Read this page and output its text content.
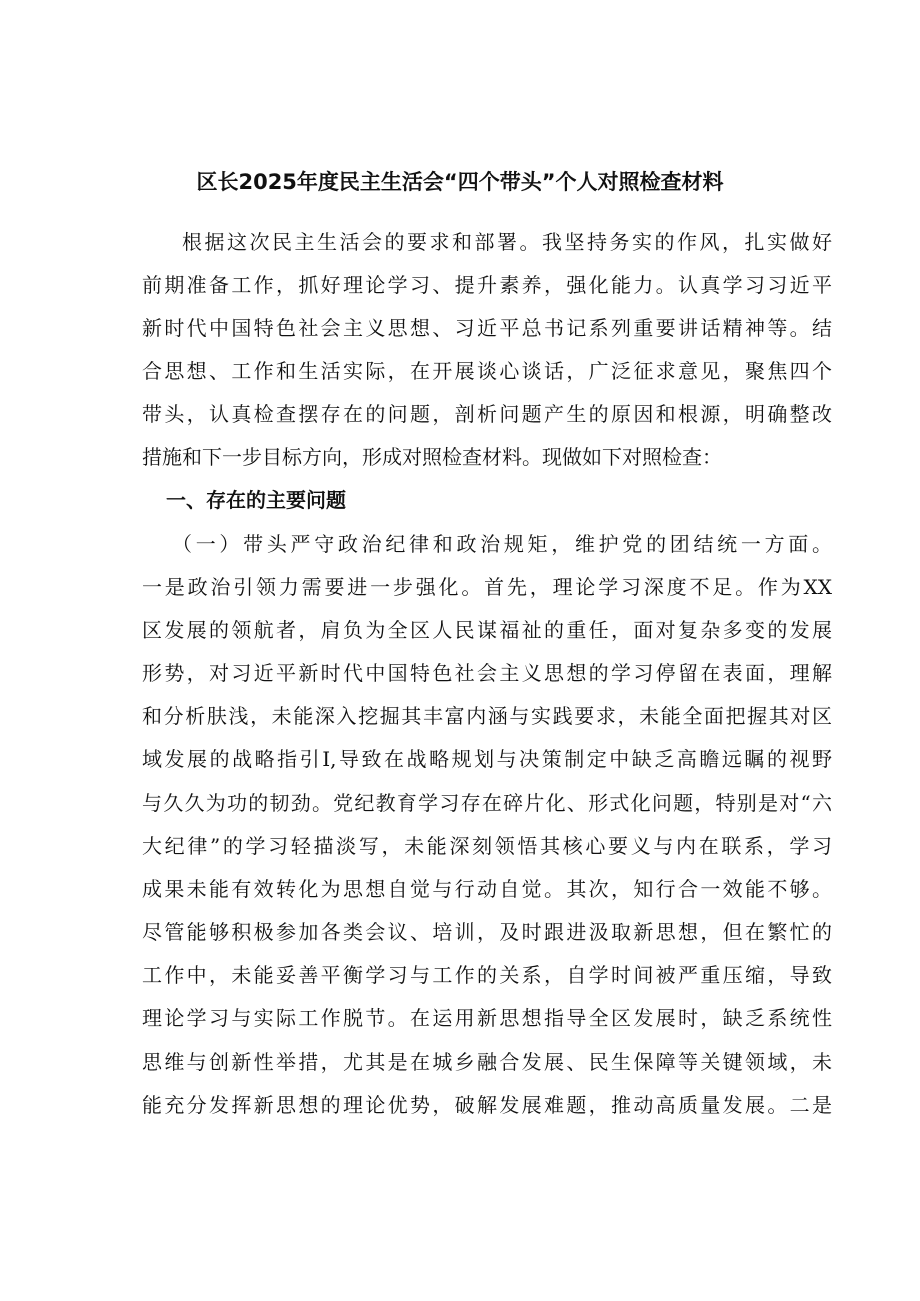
区长2025年度民主生活会“四个带头”个人对照检查材料
根据这次民主生活会的要求和部署。我坚持务实的作风，扎实做好
前期准备工作，抓好理论学习、提升素养，强化能力。认真学习习近平
新时代中国特色社会主义思想、习近平总书记系列重要讲话精神等。结
合思想、工作和生活实际，在开展谈心谈话，广泛征求意见，聚焦四个
带头，认真检查摆存在的问题，剖析问题产生的原因和根源，明确整改
措施和下一步目标方向，形成对照检查材料。现做如下对照检查：
一、存在的主要问题
（一）带头严守政治纪律和政治规矩，维护党的团结统一方面。
一是政治引领力需要进一步强化。首先，理论学习深度不足。作为XX
区发展的领航者，肩负为全区人民谋福祉的重任，面对复杂多变的发展
形势，对习近平新时代中国特色社会主义思想的学习停留在表面，理解
和分析肤浅，未能深入挖掘其丰富内涵与实践要求，未能全面把握其对区
域发展的战略指引I,导致在战略规划与决策制定中缺乏高瞻远瞩的视野
与久久为功的韧劲。党纪教育学习存在碎片化、形式化问题，特别是对“六
大纪律”的学习轻描淡写，未能深刻领悟其核心要义与内在联系，学习
成果未能有效转化为思想自觉与行动自觉。其次，知行合一效能不够。
尽管能够积极参加各类会议、培训，及时跟进汲取新思想，但在繁忙的
工作中，未能妥善平衡学习与工作的关系，自学时间被严重压缩，导致
理论学习与实际工作脱节。在运用新思想指导全区发展时，缺乏系统性
思维与创新性举措，尤其是在城乡融合发展、民生保障等关键领域，未
能充分发挥新思想的理论优势，破解发展难题，推动高质量发展。二是
